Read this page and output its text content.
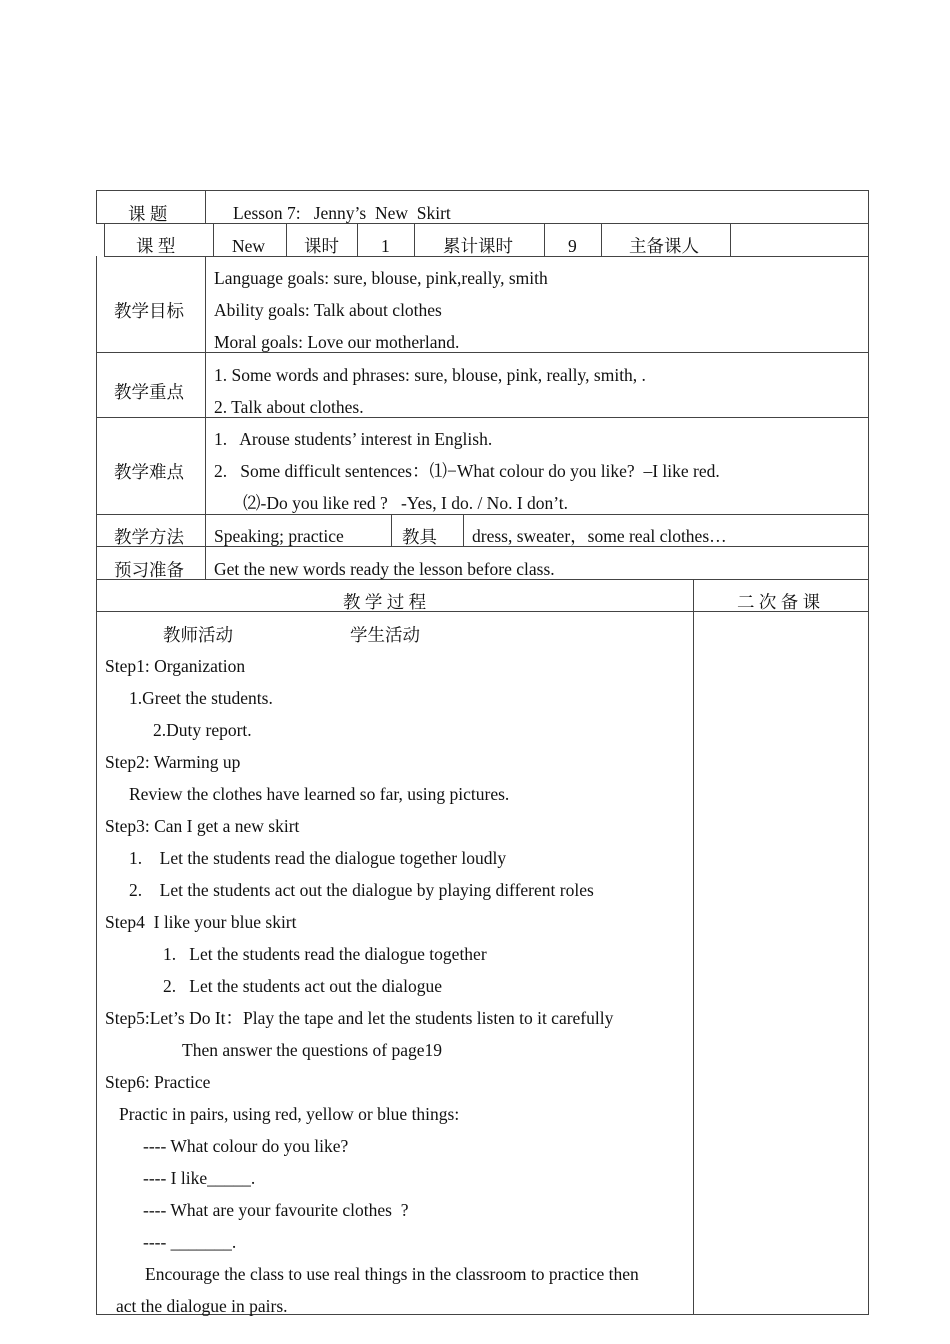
课 题	Lesson 7:   Jenny’s  New  Skirt
课 型	New 课时 1	累计课时	9	主备课人
教学目标
Language goals: sure, blouse, pink,really, smith
Ability goals: Talk about clothes
Moral goals: Love our motherland.
教学重点
1. Some words and phrases: sure, blouse, pink, really, smith, .
2. Talk about clothes.
教学难点
1.   Arouse students’ interest in English.
2.   Some difficult sentences：⑴−What colour do you like?  –I like red.
⑵-Do you like red ?   -Yes, I do. / No. I don’t.
教学方法 Speaking; practice	教具 dress, sweater，some real clothes…
预习准备 Get the new words ready the lesson before class.
教 学 过 程	二 次 备 课
教师活动	学生活动
Step1: Organization
1.Greet the students.
2.Duty report.
Step2: Warming up
Review the clothes have learned so far, using pictures.
Step3: Can I get a new skirt
1.    Let the students read the dialogue together loudly
2.    Let the students act out the dialogue by playing different roles
Step4  I like your blue skirt
1.   Let the students read the dialogue together
2.   Let the students act out the dialogue
Step5:Let’s Do It：Play the tape and let the students listen to it carefully
Then answer the questions of page19
Step6: Practice
Practic in pairs, using red, yellow or blue things:
---- What colour do you like?
---- I like_____.
---- What are your favourite clothes  ?
---- _______.
Encourage the class to use real things in the classroom to practice then
act the dialogue in pairs.
